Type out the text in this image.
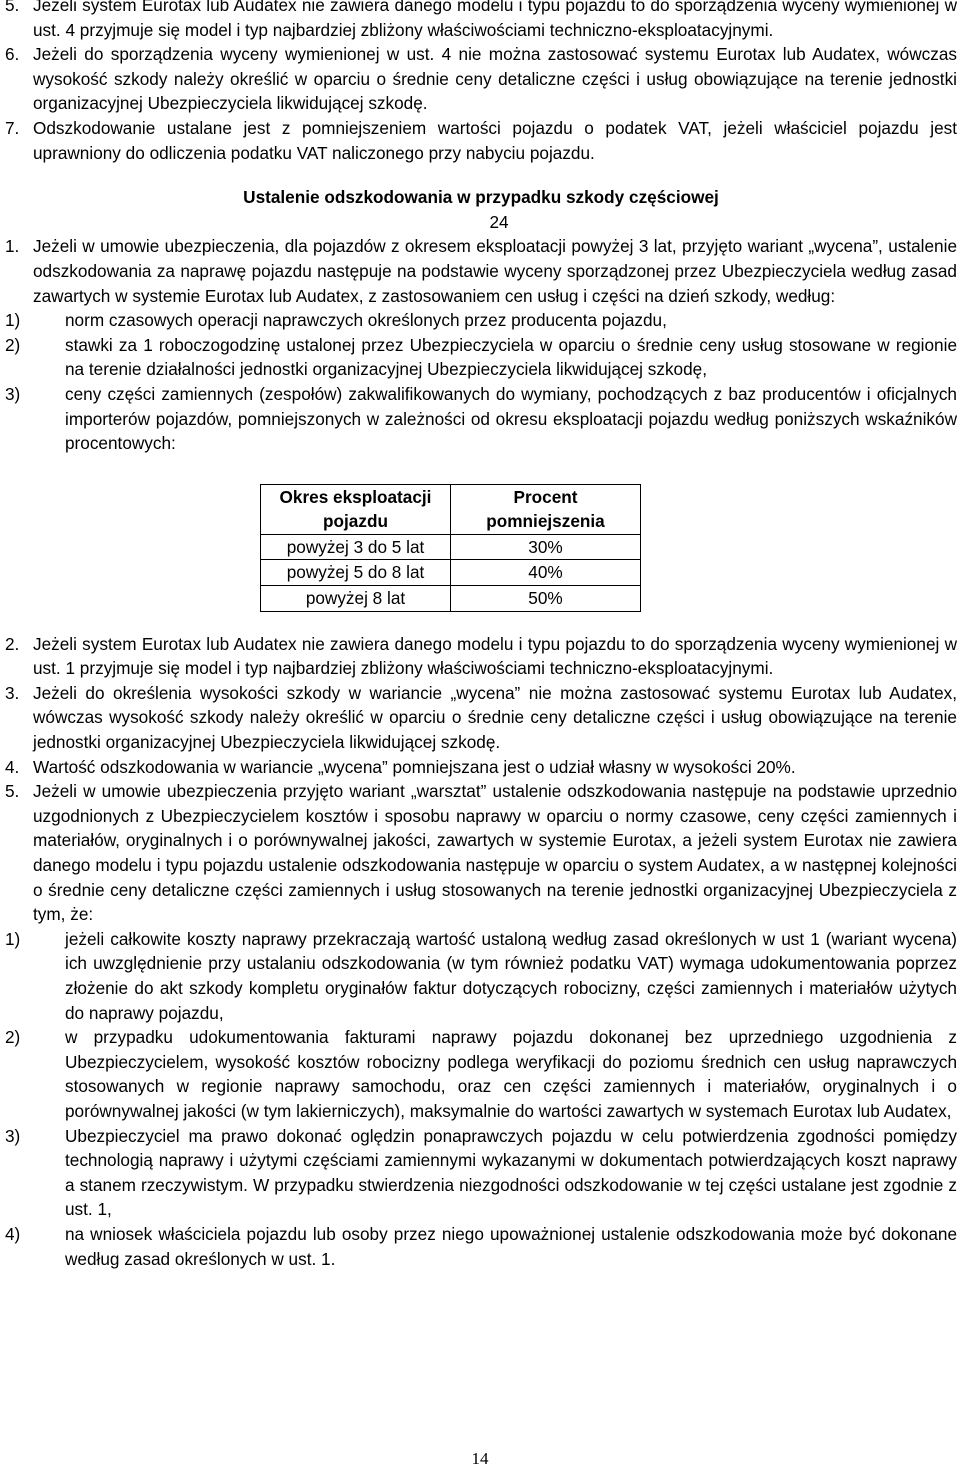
5. Jeżeli system Eurotax lub Audatex nie zawiera danego modelu i typu pojazdu to do sporządzenia wyceny wymienionej w ust. 4 przyjmuje się model i typ najbardziej zbliżony właściwościami techniczno-eksploatacyjnymi.
6. Jeżeli do sporządzenia wyceny wymienionej w ust. 4 nie można zastosować systemu Eurotax lub Audatex, wówczas wysokość szkody należy określić w oparciu o średnie ceny detaliczne części i usług obowiązujące na terenie jednostki organizacyjnej Ubezpieczyciela likwidującej szkodę.
7. Odszkodowanie ustalane jest z pomniejszeniem wartości pojazdu o podatek VAT, jeżeli właściciel pojazdu jest uprawniony do odliczenia podatku VAT naliczonego przy nabyciu pojazdu.
Ustalenie odszkodowania w przypadku szkody częściowej
24
1. Jeżeli w umowie ubezpieczenia, dla pojazdów z okresem eksploatacji powyżej 3 lat, przyjęto wariant „wycena”, ustalenie odszkodowania za naprawę pojazdu następuje na podstawie wyceny sporządzonej przez Ubezpieczyciela według zasad zawartych w systemie Eurotax lub Audatex, z zastosowaniem cen usług i części na dzień szkody, według:
1)	norm czasowych operacji naprawczych określonych przez producenta pojazdu,
2)	stawki za 1 roboczogodzinę ustalonej przez Ubezpieczyciela w oparciu o średnie ceny usług stosowane w regionie na terenie działalności jednostki organizacyjnej Ubezpieczyciela likwidującej szkodę,
3)	ceny części zamiennych (zespołów) zakwalifikowanych do wymiany, pochodzących z baz producentów i oficjalnych importerów pojazdów, pomniejszonych w zależności od okresu eksploatacji pojazdu według poniższych wskaźników procentowych:
Okres eksploatacji pojazdu	Procent pomniejszenia
powyżej 3 do 5 lat	30%
powyżej 5 do 8 lat	40%
powyżej 8 lat	50%
2. Jeżeli system Eurotax lub Audatex nie zawiera danego modelu i typu pojazdu to do sporządzenia wyceny wymienionej w ust. 1 przyjmuje się model i typ najbardziej zbliżony właściwościami techniczno-eksploatacyjnymi.
3. Jeżeli do określenia wysokości szkody w wariancie „wycena” nie można zastosować systemu Eurotax lub Audatex, wówczas wysokość szkody należy określić w oparciu o średnie ceny detaliczne części i usług obowiązujące na terenie jednostki organizacyjnej Ubezpieczyciela likwidującej szkodę.
4. Wartość odszkodowania w wariancie „wycena” pomniejszana jest o udział własny w wysokości 20%.
5. Jeżeli w umowie ubezpieczenia przyjęto wariant „warsztat” ustalenie odszkodowania następuje na podstawie uprzednio uzgodnionych z Ubezpieczycielem kosztów i sposobu naprawy w oparciu o normy czasowe, ceny części zamiennych i materiałów, oryginalnych i o porównywalnej jakości, zawartych w systemie Eurotax, a jeżeli system Eurotax nie zawiera danego modelu i typu pojazdu ustalenie odszkodowania następuje w oparciu o system Audatex, a w następnej kolejności o średnie ceny detaliczne części zamiennych i usług stosowanych na terenie jednostki organizacyjnej Ubezpieczyciela z tym, że:
1)	jeżeli całkowite koszty naprawy przekraczają wartość ustaloną według zasad określonych w ust 1 (wariant wycena) ich uwzględnienie przy ustalaniu odszkodowania (w tym również podatku VAT) wymaga udokumentowania poprzez złożenie do akt szkody kompletu oryginałów faktur dotyczących robocizny, części zamiennych i materiałów użytych do naprawy pojazdu,
2)	w przypadku udokumentowania fakturami naprawy pojazdu dokonanej bez uprzedniego uzgodnienia z Ubezpieczycielem, wysokość kosztów robocizny podlega weryfikacji do poziomu średnich cen usług naprawczych stosowanych w regionie naprawy samochodu, oraz cen części zamiennych i materiałów, oryginalnych i o porównywalnej jakości (w tym lakierniczych), maksymalnie do wartości zawartych w systemach Eurotax lub Audatex,
3)	Ubezpieczyciel ma prawo dokonać oględzin ponaprawczych pojazdu w celu potwierdzenia zgodności pomiędzy technologią naprawy i użytymi częściami zamiennymi wykazanymi w dokumentach potwierdzających koszt naprawy a stanem rzeczywistym. W przypadku stwierdzenia niezgodności odszkodowanie w tej części ustalane jest zgodnie z ust. 1,
4)	na wniosek właściciela pojazdu lub osoby przez niego upoważnionej ustalenie odszkodowania może być dokonane według zasad określonych w ust. 1.
14
